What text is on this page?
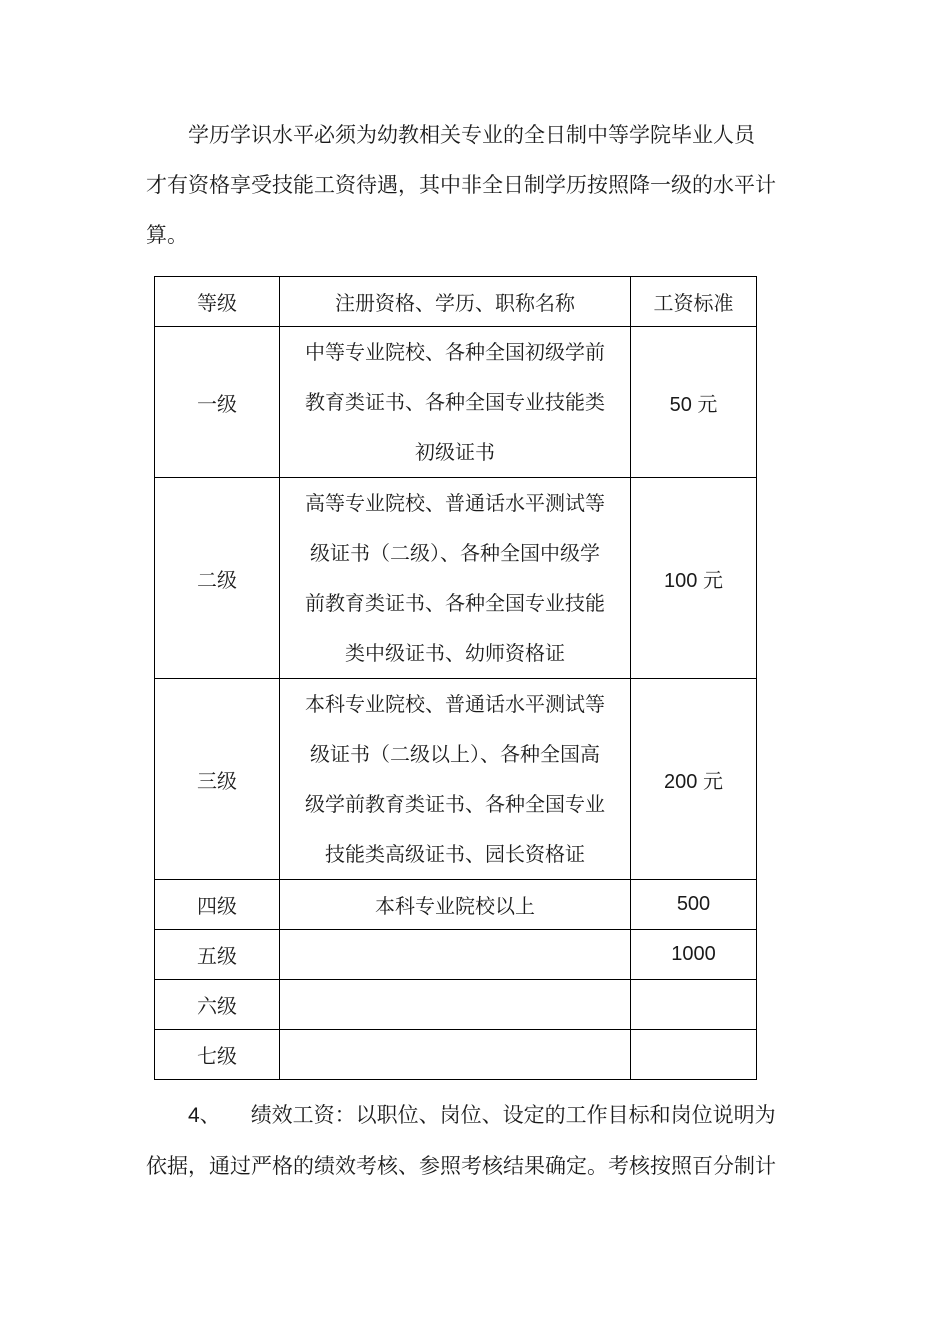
学历学识水平必须为幼教相关专业的全日制中等学院毕业人员
才有资格享受技能工资待遇，其中非全日制学历按照降一级的水平计
算。

等级	注册资格、学历、职称名称	工资标准
一级	中等专业院校、各种全国初级学前
教育类证书、各种全国专业技能类
初级证书	50 元
二级	高等专业院校、普通话水平测试等
级证书（二级）、各种全国中级学
前教育类证书、各种全国专业技能
类中级证书、幼师资格证	100 元
三级	本科专业院校、普通话水平测试等
级证书（二级以上）、各种全国高
级学前教育类证书、各种全国专业
技能类高级证书、园长资格证	200 元
四级	本科专业院校以上	500
五级		1000
六级		
七级		

4、 绩效工资：以职位、岗位、设定的工作目标和岗位说明为
依据，通过严格的绩效考核、参照考核结果确定。考核按照百分制计
